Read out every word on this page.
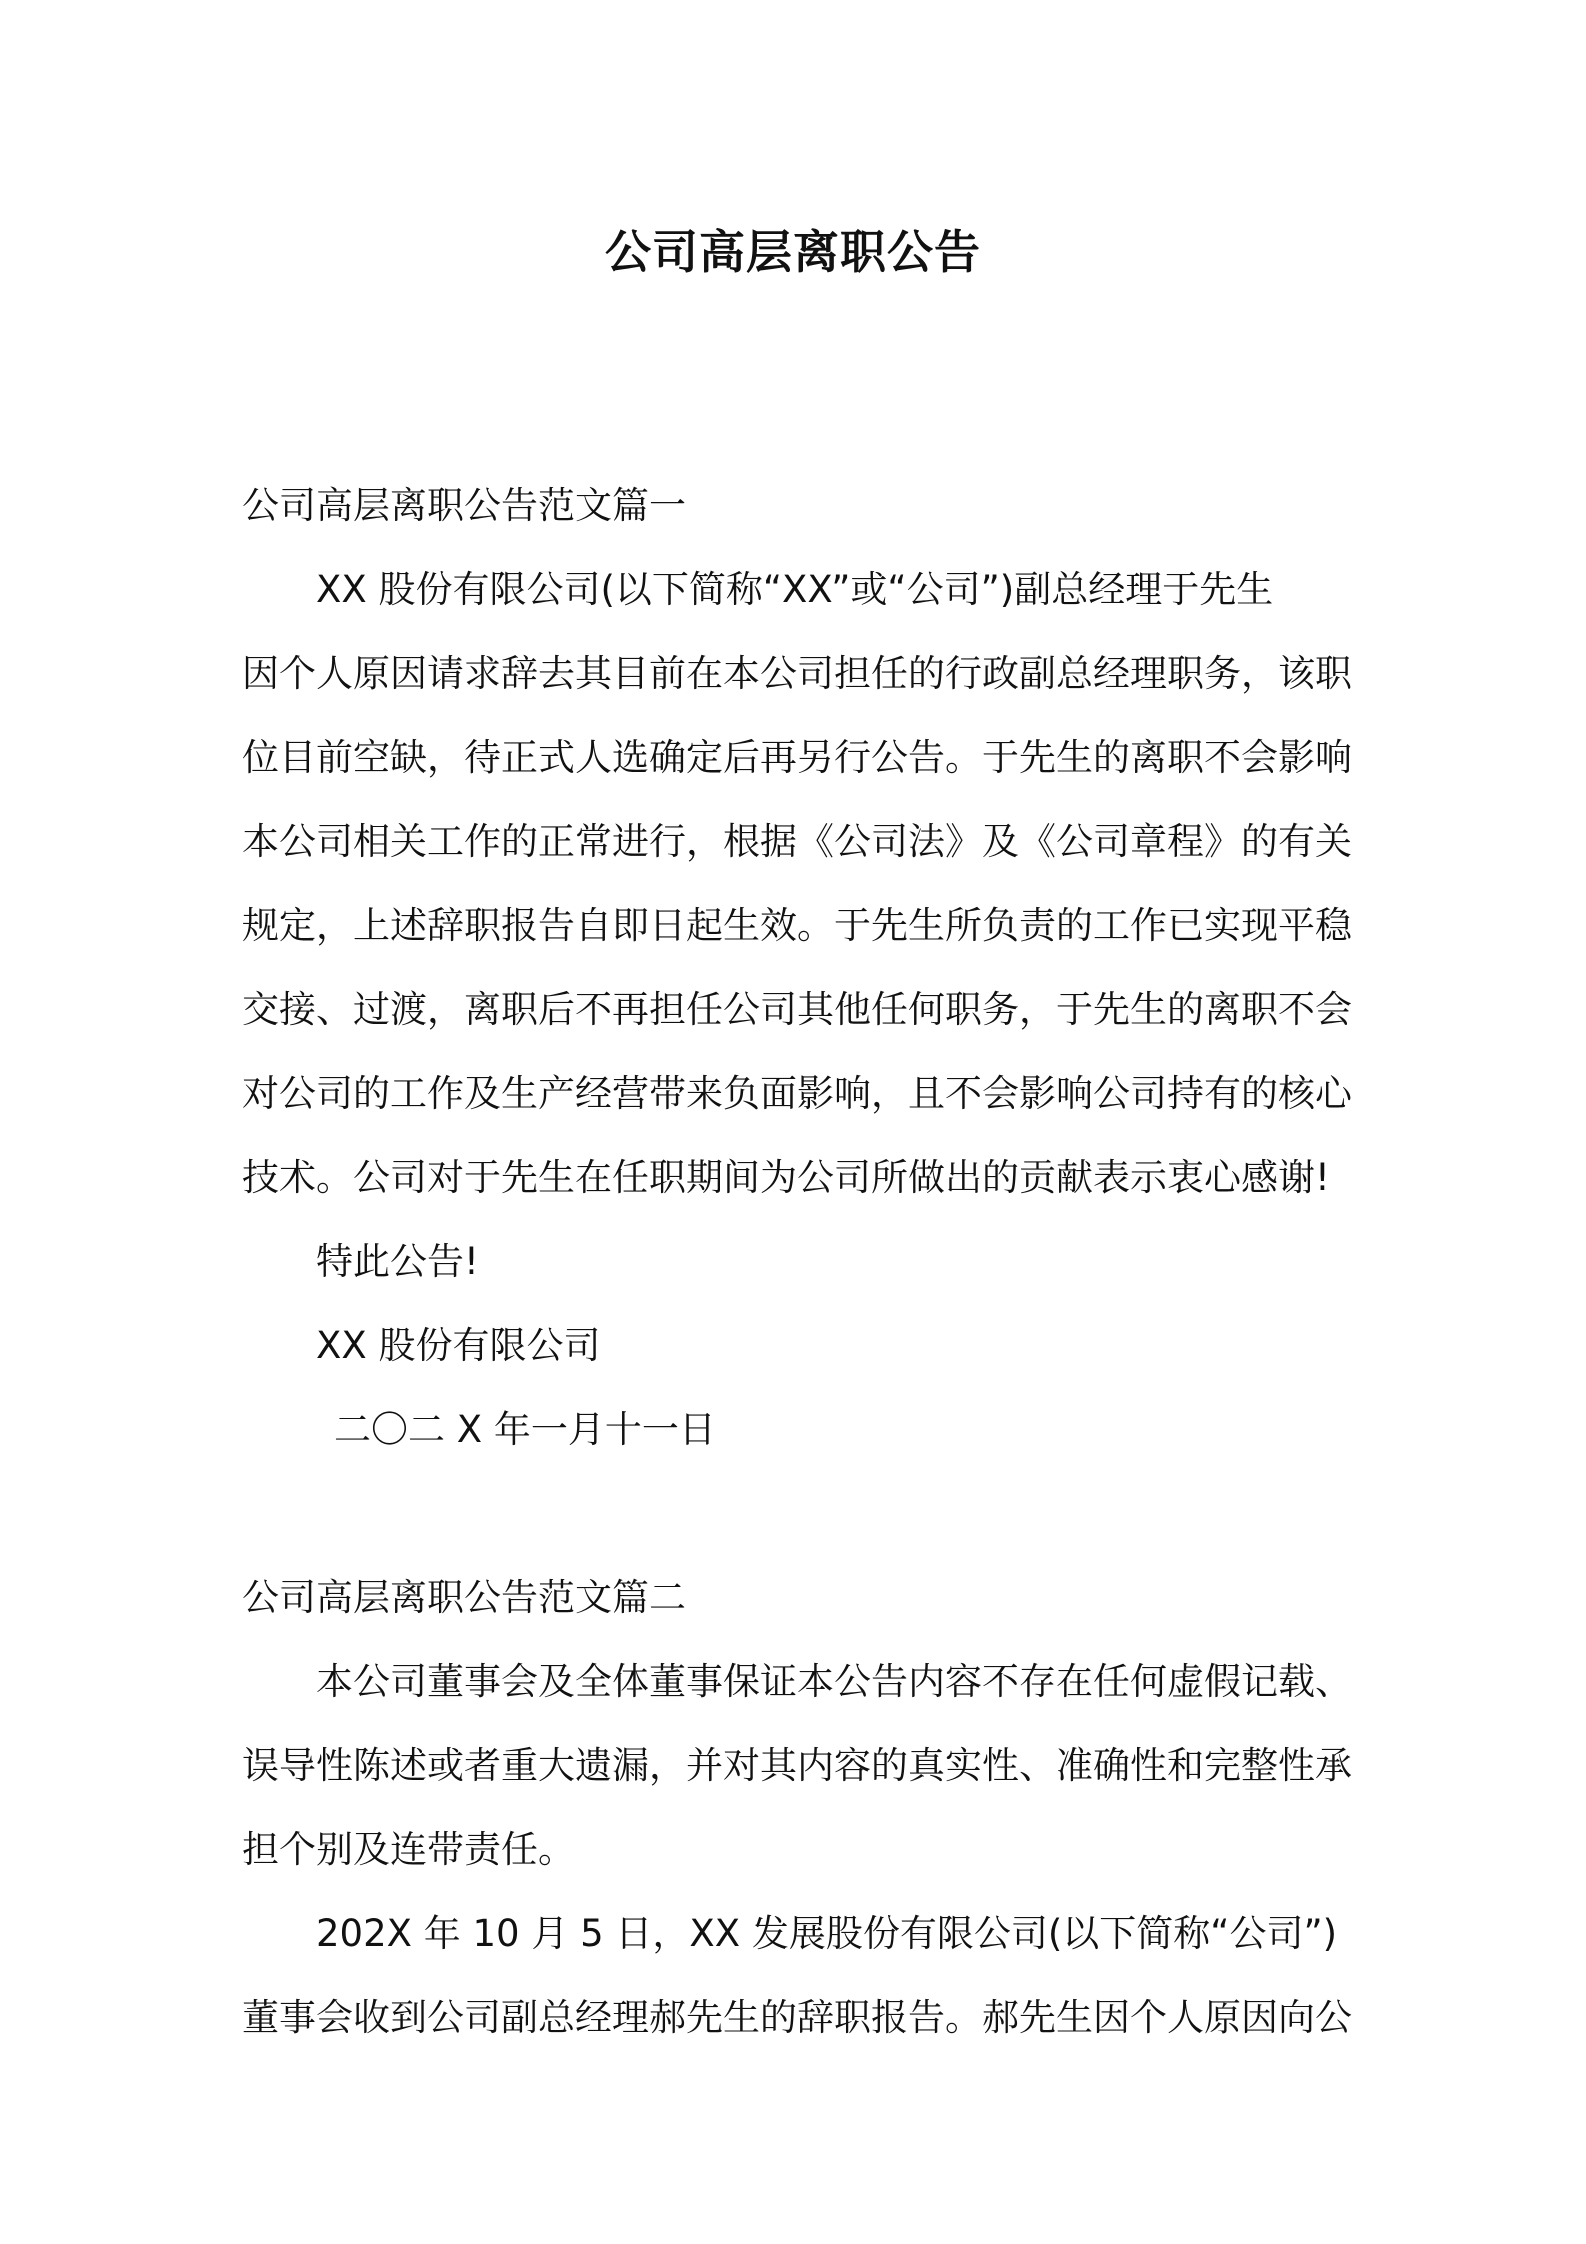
公司高层离职公告
公司高层离职公告范文篇一
XX 股份有限公司(以下简称“XX”或“公司”)副总经理于先生
因个人原因请求辞去其目前在本公司担任的行政副总经理职务，该职
位目前空缺，待正式人选确定后再另行公告。于先生的离职不会影响
本公司相关工作的正常进行，根据《公司法》及《公司章程》的有关
规定，上述辞职报告自即日起生效。于先生所负责的工作已实现平稳
交接、过渡，离职后不再担任公司其他任何职务，于先生的离职不会
对公司的工作及生产经营带来负面影响，且不会影响公司持有的核心
技术。公司对于先生在任职期间为公司所做出的贡献表示衷心感谢!
特此公告!
XX 股份有限公司
二〇二 X 年一月十一日
公司高层离职公告范文篇二
本公司董事会及全体董事保证本公告内容不存在任何虚假记载、
误导性陈述或者重大遗漏，并对其内容的真实性、准确性和完整性承
担个别及连带责任。
202X 年 10 月 5 日，XX 发展股份有限公司(以下简称“公司”)
董事会收到公司副总经理郝先生的辞职报告。郝先生因个人原因向公
